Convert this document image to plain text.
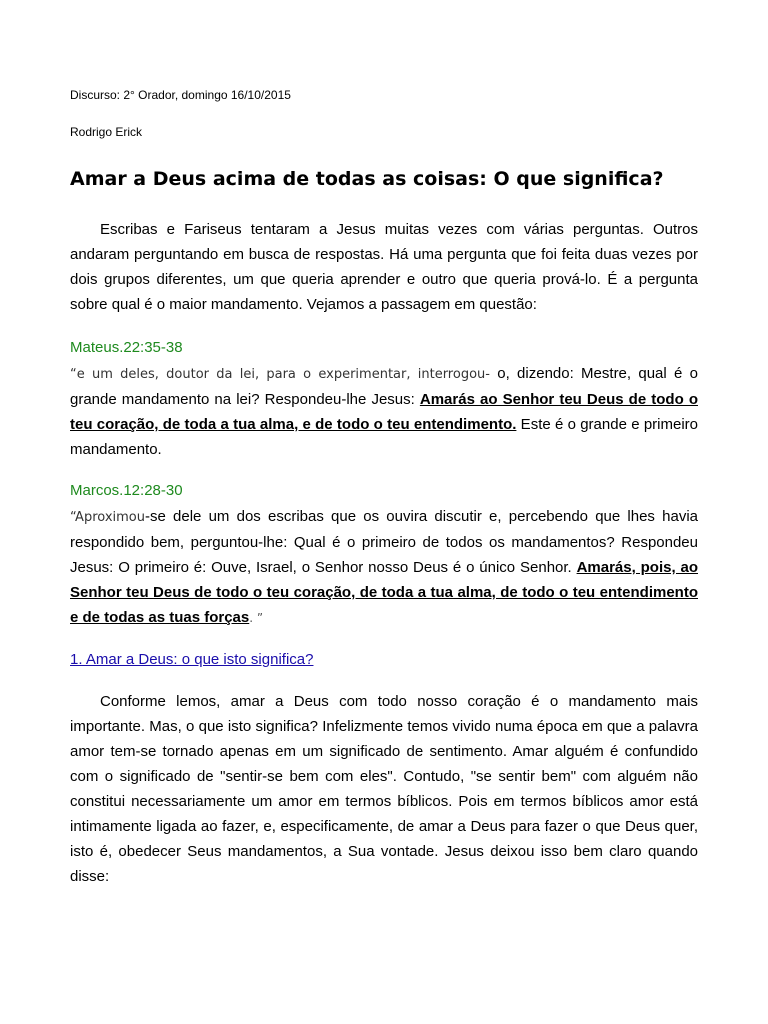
Discurso: 2° Orador, domingo 16/10/2015
Rodrigo Erick
Amar a Deus acima de todas as coisas: O que significa?

Escribas e Fariseus tentaram a Jesus muitas vezes com várias perguntas. Outros andaram perguntando em busca de respostas. Há uma pergunta que foi feita duas vezes por dois grupos diferentes, um que queria aprender e outro que queria prová-lo. É a pergunta sobre qual é o maior mandamento. Vejamos a passagem em questão:

Mateus.22:35-38

“e um deles, doutor da lei, para o experimentar, interrogou- o, dizendo: Mestre, qual é o grande mandamento na lei? Respondeu-lhe Jesus: Amarás ao Senhor teu Deus de todo o teu coração, de toda a tua alma, e de todo o teu entendimento. Este é o grande e primeiro mandamento.

Marcos.12:28-30

“Aproximou-se dele um dos escribas que os ouvira discutir e, percebendo que lhes havia respondido bem, perguntou-lhe: Qual é o primeiro de todos os mandamentos? Respondeu Jesus: O primeiro é: Ouve, Israel, o Senhor nosso Deus é o único Senhor. Amarás, pois, ao Senhor teu Deus de todo o teu coração, de toda a tua alma, de todo o teu entendimento e de todas as tuas forças. ”

1. Amar a Deus: o que isto significa?

Conforme lemos, amar a Deus com todo nosso coração é o mandamento mais importante. Mas, o que isto significa? Infelizmente temos vivido numa época em que a palavra amor tem-se tornado apenas em um significado de sentimento. Amar alguém é confundido com o significado de "sentir-se bem com eles". Contudo, "se sentir bem" com alguém não constitui necessariamente um amor em termos bíblicos. Pois em termos bíblicos amor está intimamente ligada ao fazer, e, especificamente, de amar a Deus para fazer o que Deus quer, isto é, obedecer Seus mandamentos, a Sua vontade. Jesus deixou isso bem claro quando disse:
